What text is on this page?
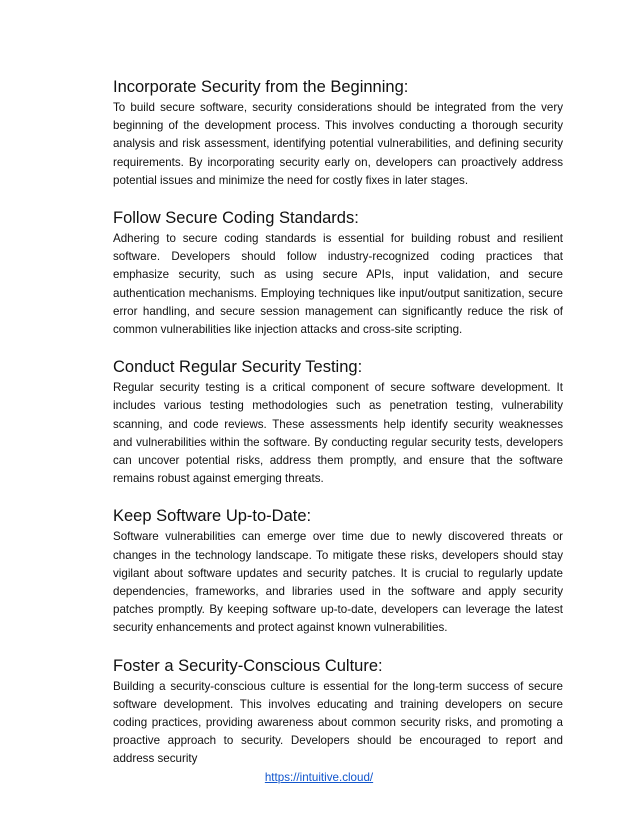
Incorporate Security from the Beginning:

To build secure software, security considerations should be integrated from the very beginning of the development process. This involves conducting a thorough security analysis and risk assessment, identifying potential vulnerabilities, and defining security requirements. By incorporating security early on, developers can proactively address potential issues and minimize the need for costly fixes in later stages.

Follow Secure Coding Standards:

Adhering to secure coding standards is essential for building robust and resilient software. Developers should follow industry-recognized coding practices that emphasize security, such as using secure APIs, input validation, and secure authentication mechanisms. Employing techniques like input/output sanitization, secure error handling, and secure session management can significantly reduce the risk of common vulnerabilities like injection attacks and cross-site scripting.

Conduct Regular Security Testing:

Regular security testing is a critical component of secure software development. It includes various testing methodologies such as penetration testing, vulnerability scanning, and code reviews. These assessments help identify security weaknesses and vulnerabilities within the software. By conducting regular security tests, developers can uncover potential risks, address them promptly, and ensure that the software remains robust against emerging threats.

Keep Software Up-to-Date:

Software vulnerabilities can emerge over time due to newly discovered threats or changes in the technology landscape. To mitigate these risks, developers should stay vigilant about software updates and security patches. It is crucial to regularly update dependencies, frameworks, and libraries used in the software and apply security patches promptly. By keeping software up-to-date, developers can leverage the latest security enhancements and protect against known vulnerabilities.

Foster a Security-Conscious Culture:

Building a security-conscious culture is essential for the long-term success of secure software development. This involves educating and training developers on secure coding practices, providing awareness about common security risks, and promoting a proactive approach to security. Developers should be encouraged to report and address security

https://intuitive.cloud/
